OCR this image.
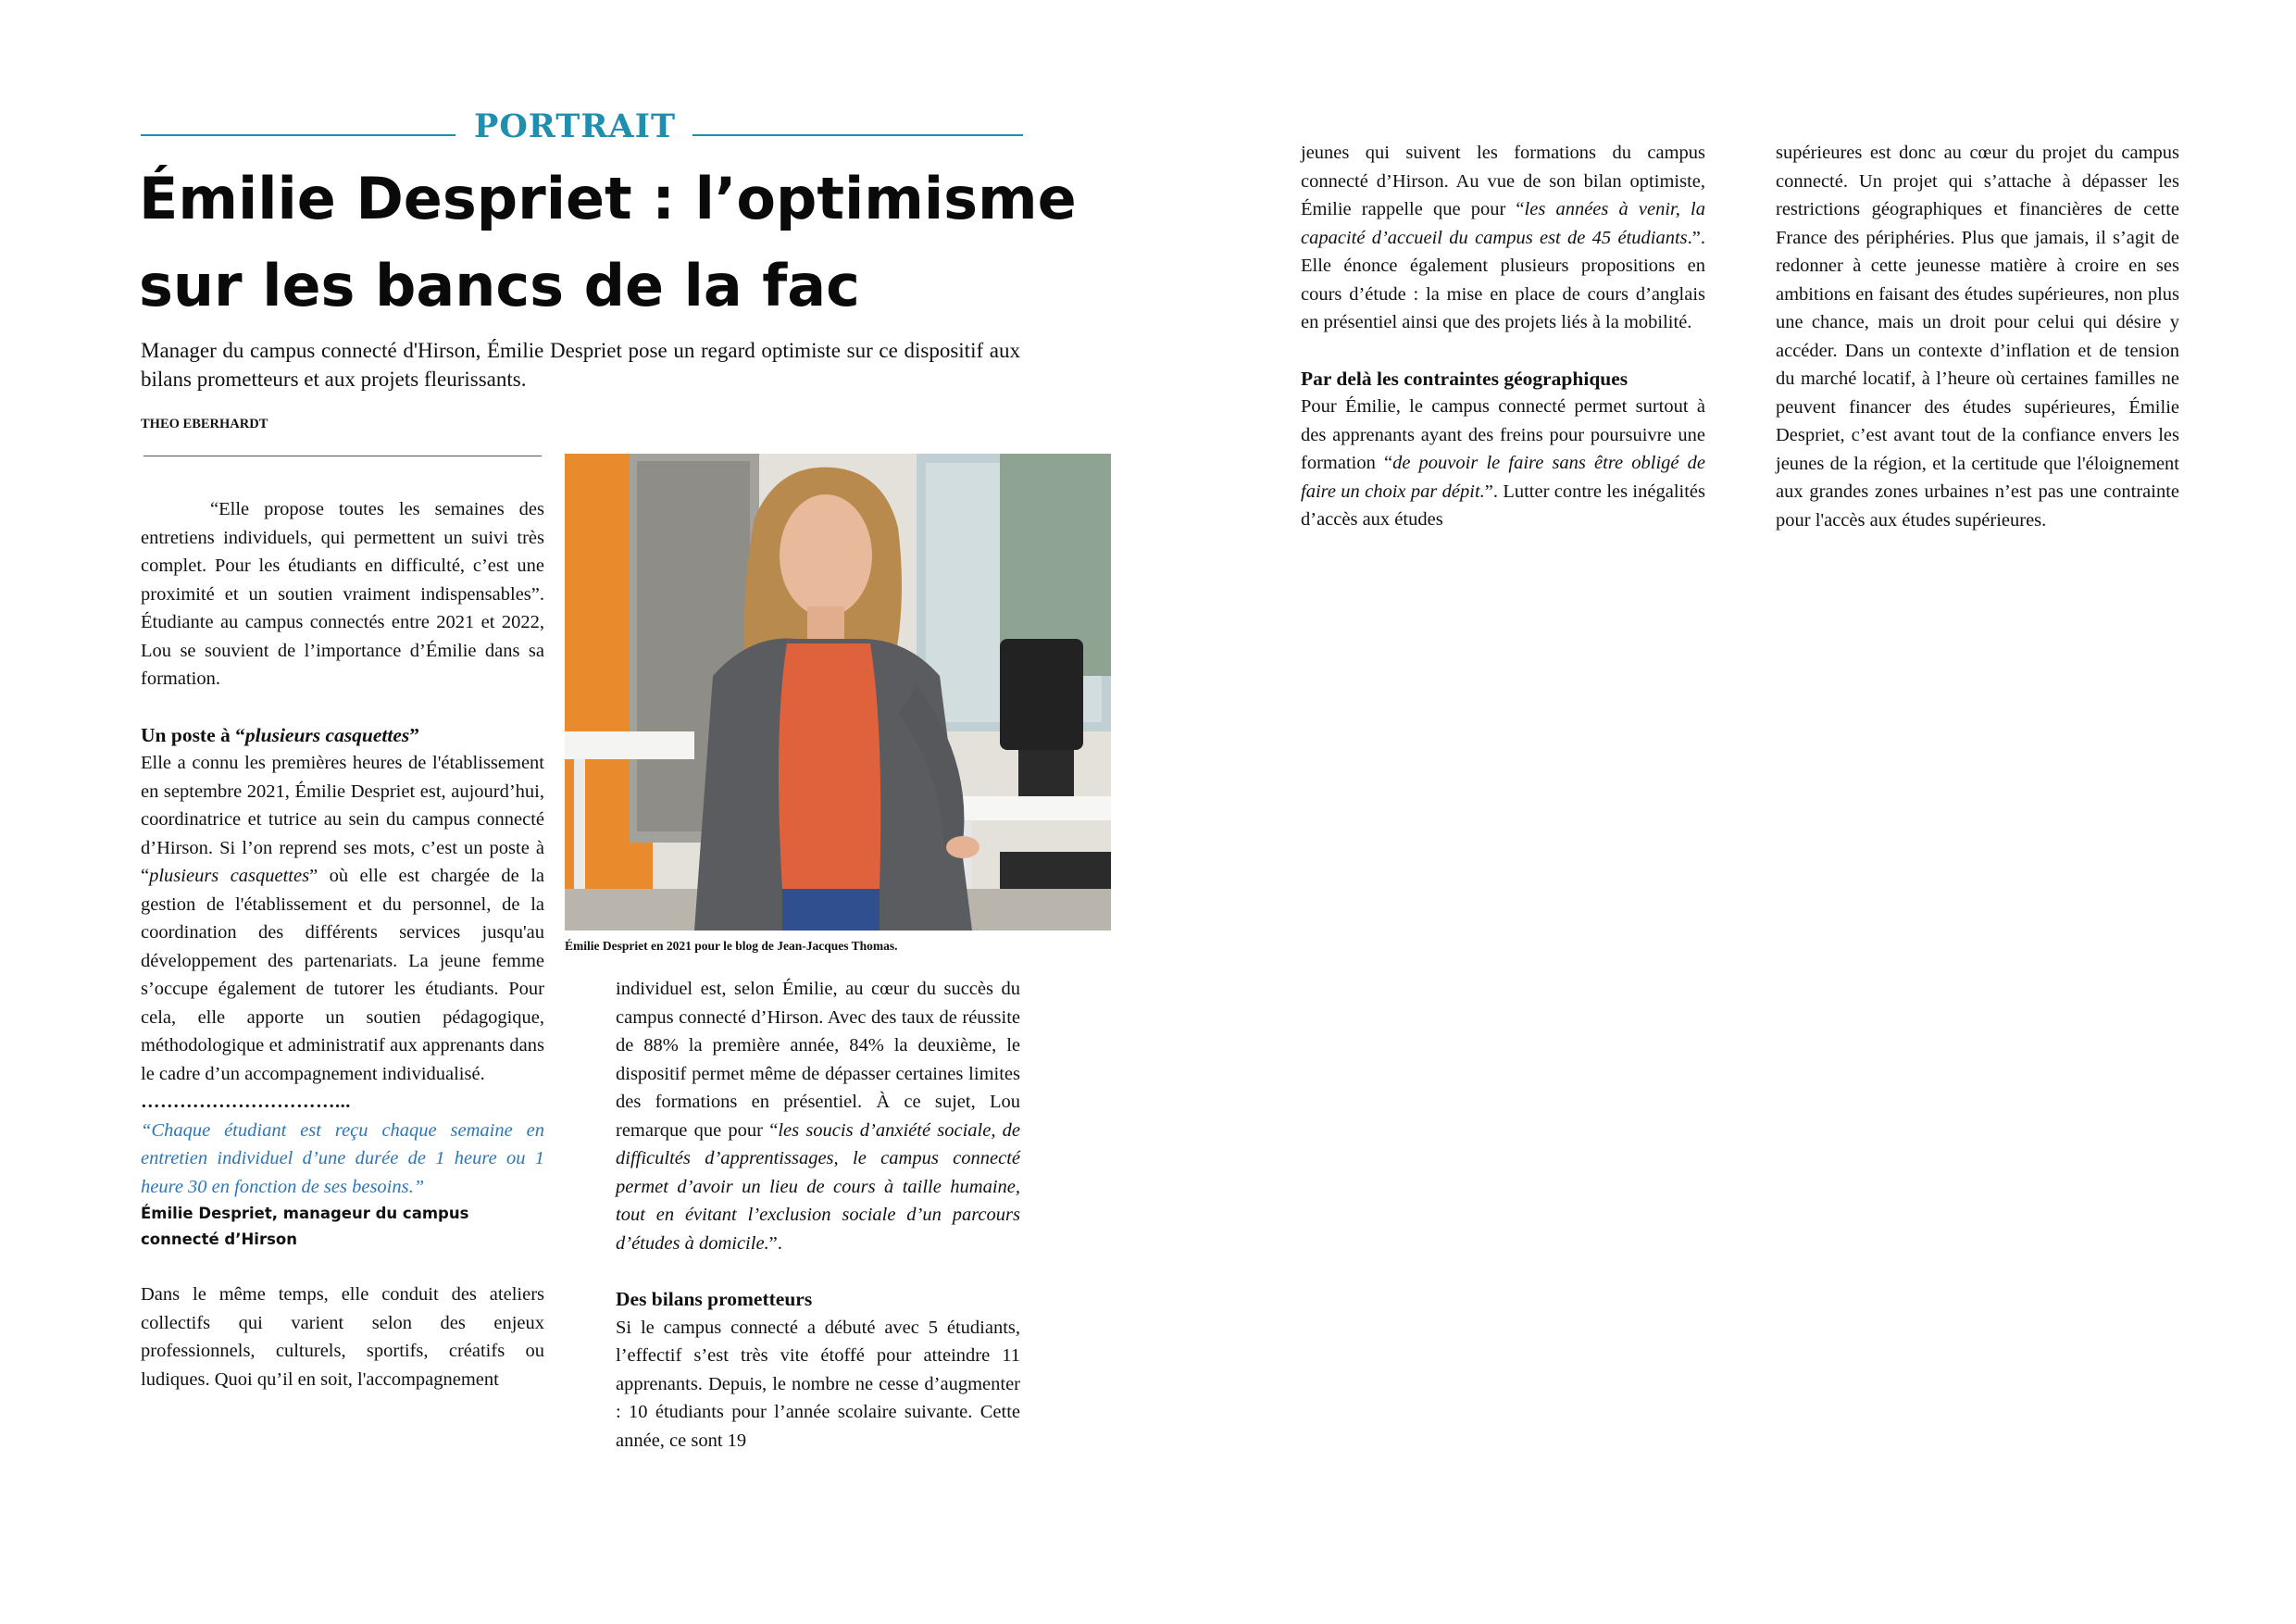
PORTRAIT
Émilie Despriet : l’optimisme
sur les bancs de la fac
Manager du campus connecté d'Hirson, Émilie Despriet pose un regard optimiste sur ce dispositif aux bilans prometteurs et aux projets fleurissants.
THEO EBERHARDT

“Elle propose toutes les semaines des entretiens individuels, qui permettent un suivi très complet. Pour les étudiants en difficulté, c’est une proximité et un soutien vraiment indispensables”. Étudiante au campus connectés entre 2021 et 2022, Lou se souvient de l’importance d’Émilie dans sa formation.

Un poste à “plusieurs casquettes”

Elle a connu les premières heures de l'établissement en septembre 2021, Émilie Despriet est, aujourd’hui, coordinatrice et tutrice au sein du campus connecté d’Hirson. Si l’on reprend ses mots, c’est un poste à “plusieurs casquettes” où elle est chargée de la gestion de l'établissement et du personnel, de la coordination des différents services jusqu'au développement des partenariats. La jeune femme s’occupe également de tutorer les étudiants. Pour cela, elle apporte un soutien pédagogique, méthodologique et administratif aux apprenants dans le cadre d’un accompagnement individualisé.

…………………………...

“Chaque étudiant est reçu chaque semaine en entretien individuel d’une durée de 1 heure ou 1 heure 30 en fonction de ses besoins.”

Émilie Despriet, manageur du campus connecté d’Hirson

Dans le même temps, elle conduit des ateliers collectifs qui varient selon des enjeux professionnels, culturels, sportifs, créatifs ou ludiques. Quoi qu’il en soit, l'accompagnement

Émilie Despriet en 2021 pour le blog de Jean-Jacques Thomas.

individuel est, selon Émilie, au cœur du succès du campus connecté d’Hirson. Avec des taux de réussite de 88% la première année, 84% la deuxième, le dispositif permet même de dépasser certaines limites des formations en présentiel. À ce sujet, Lou remarque que pour “les soucis d’anxiété sociale, de difficultés d’apprentissages, le campus connecté permet d’avoir un lieu de cours à taille humaine, tout en évitant l’exclusion sociale d’un parcours d’études à domicile.”.

Des bilans prometteurs

Si le campus connecté a débuté avec 5 étudiants, l’effectif s’est très vite étoffé pour atteindre 11 apprenants. Depuis, le nombre ne cesse d’augmenter : 10 étudiants pour l’année scolaire suivante. Cette année, ce sont 19

jeunes qui suivent les formations du campus connecté d’Hirson. Au vue de son bilan optimiste, Émilie rappelle que pour “les années à venir, la capacité d’accueil du campus est de 45 étudiants.”. Elle énonce également plusieurs propositions en cours d’étude : la mise en place de cours d’anglais en présentiel ainsi que des projets liés à la mobilité.

Par delà les contraintes géographiques

Pour Émilie, le campus connecté permet surtout à des apprenants ayant des freins pour poursuivre une formation “de pouvoir le faire sans être obligé de faire un choix par dépit.”. Lutter contre les inégalités d’accès aux études

supérieures est donc au cœur du projet du campus connecté. Un projet qui s’attache à dépasser les restrictions géographiques et financières de cette France des périphéries. Plus que jamais, il s’agit de redonner à cette jeunesse matière à croire en ses ambitions en faisant des études supérieures, non plus une chance, mais un droit pour celui qui désire y accéder. Dans un contexte d’inflation et de tension du marché locatif, à l’heure où certaines familles ne peuvent financer des études supérieures, Émilie Despriet, c’est avant tout de la confiance envers les jeunes de la région, et la certitude que l'éloignement aux grandes zones urbaines n’est pas une contrainte pour l'accès aux études supérieures.
